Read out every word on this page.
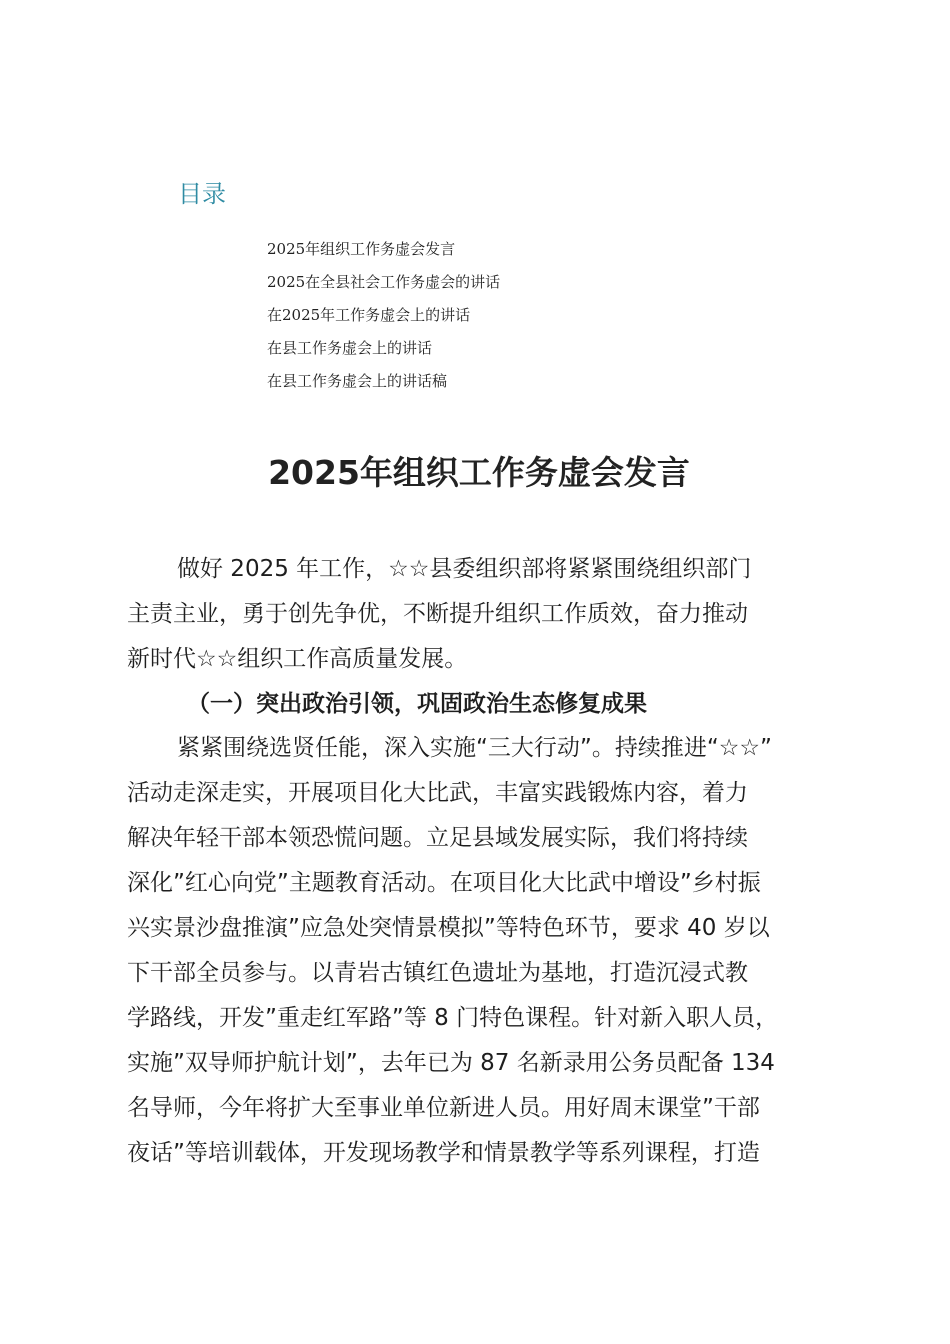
目录
2025年组织工作务虚会发言
2025在全县社会工作务虚会的讲话
在2025年工作务虚会上的讲话
在县工作务虚会上的讲话
在县工作务虚会上的讲话稿
2025年组织工作务虚会发言

做好 2025 年工作，☆☆县委组织部将紧紧围绕组织部门
主责主业，勇于创先争优，不断提升组织工作质效，奋力推动
新时代☆☆组织工作高质量发展。

（一）突出政治引领，巩固政治生态修复成果

紧紧围绕选贤任能，深入实施“三大行动”。持续推进“☆☆”
活动走深走实，开展项目化大比武，丰富实践锻炼内容，着力
解决年轻干部本领恐慌问题。立足县域发展实际，我们将持续
深化”红心向党”主题教育活动。在项目化大比武中增设”乡村振
兴实景沙盘推演”应急处突情景模拟”等特色环节，要求 40 岁以
下干部全员参与。以青岩古镇红色遗址为基地，打造沉浸式教
学路线，开发”重走红军路”等 8 门特色课程。针对新入职人员，
实施”双导师护航计划”，去年已为 87 名新录用公务员配备 134
名导师，今年将扩大至事业单位新进人员。用好周末课堂”干部
夜话”等培训载体，开发现场教学和情景教学等系列课程，打造
